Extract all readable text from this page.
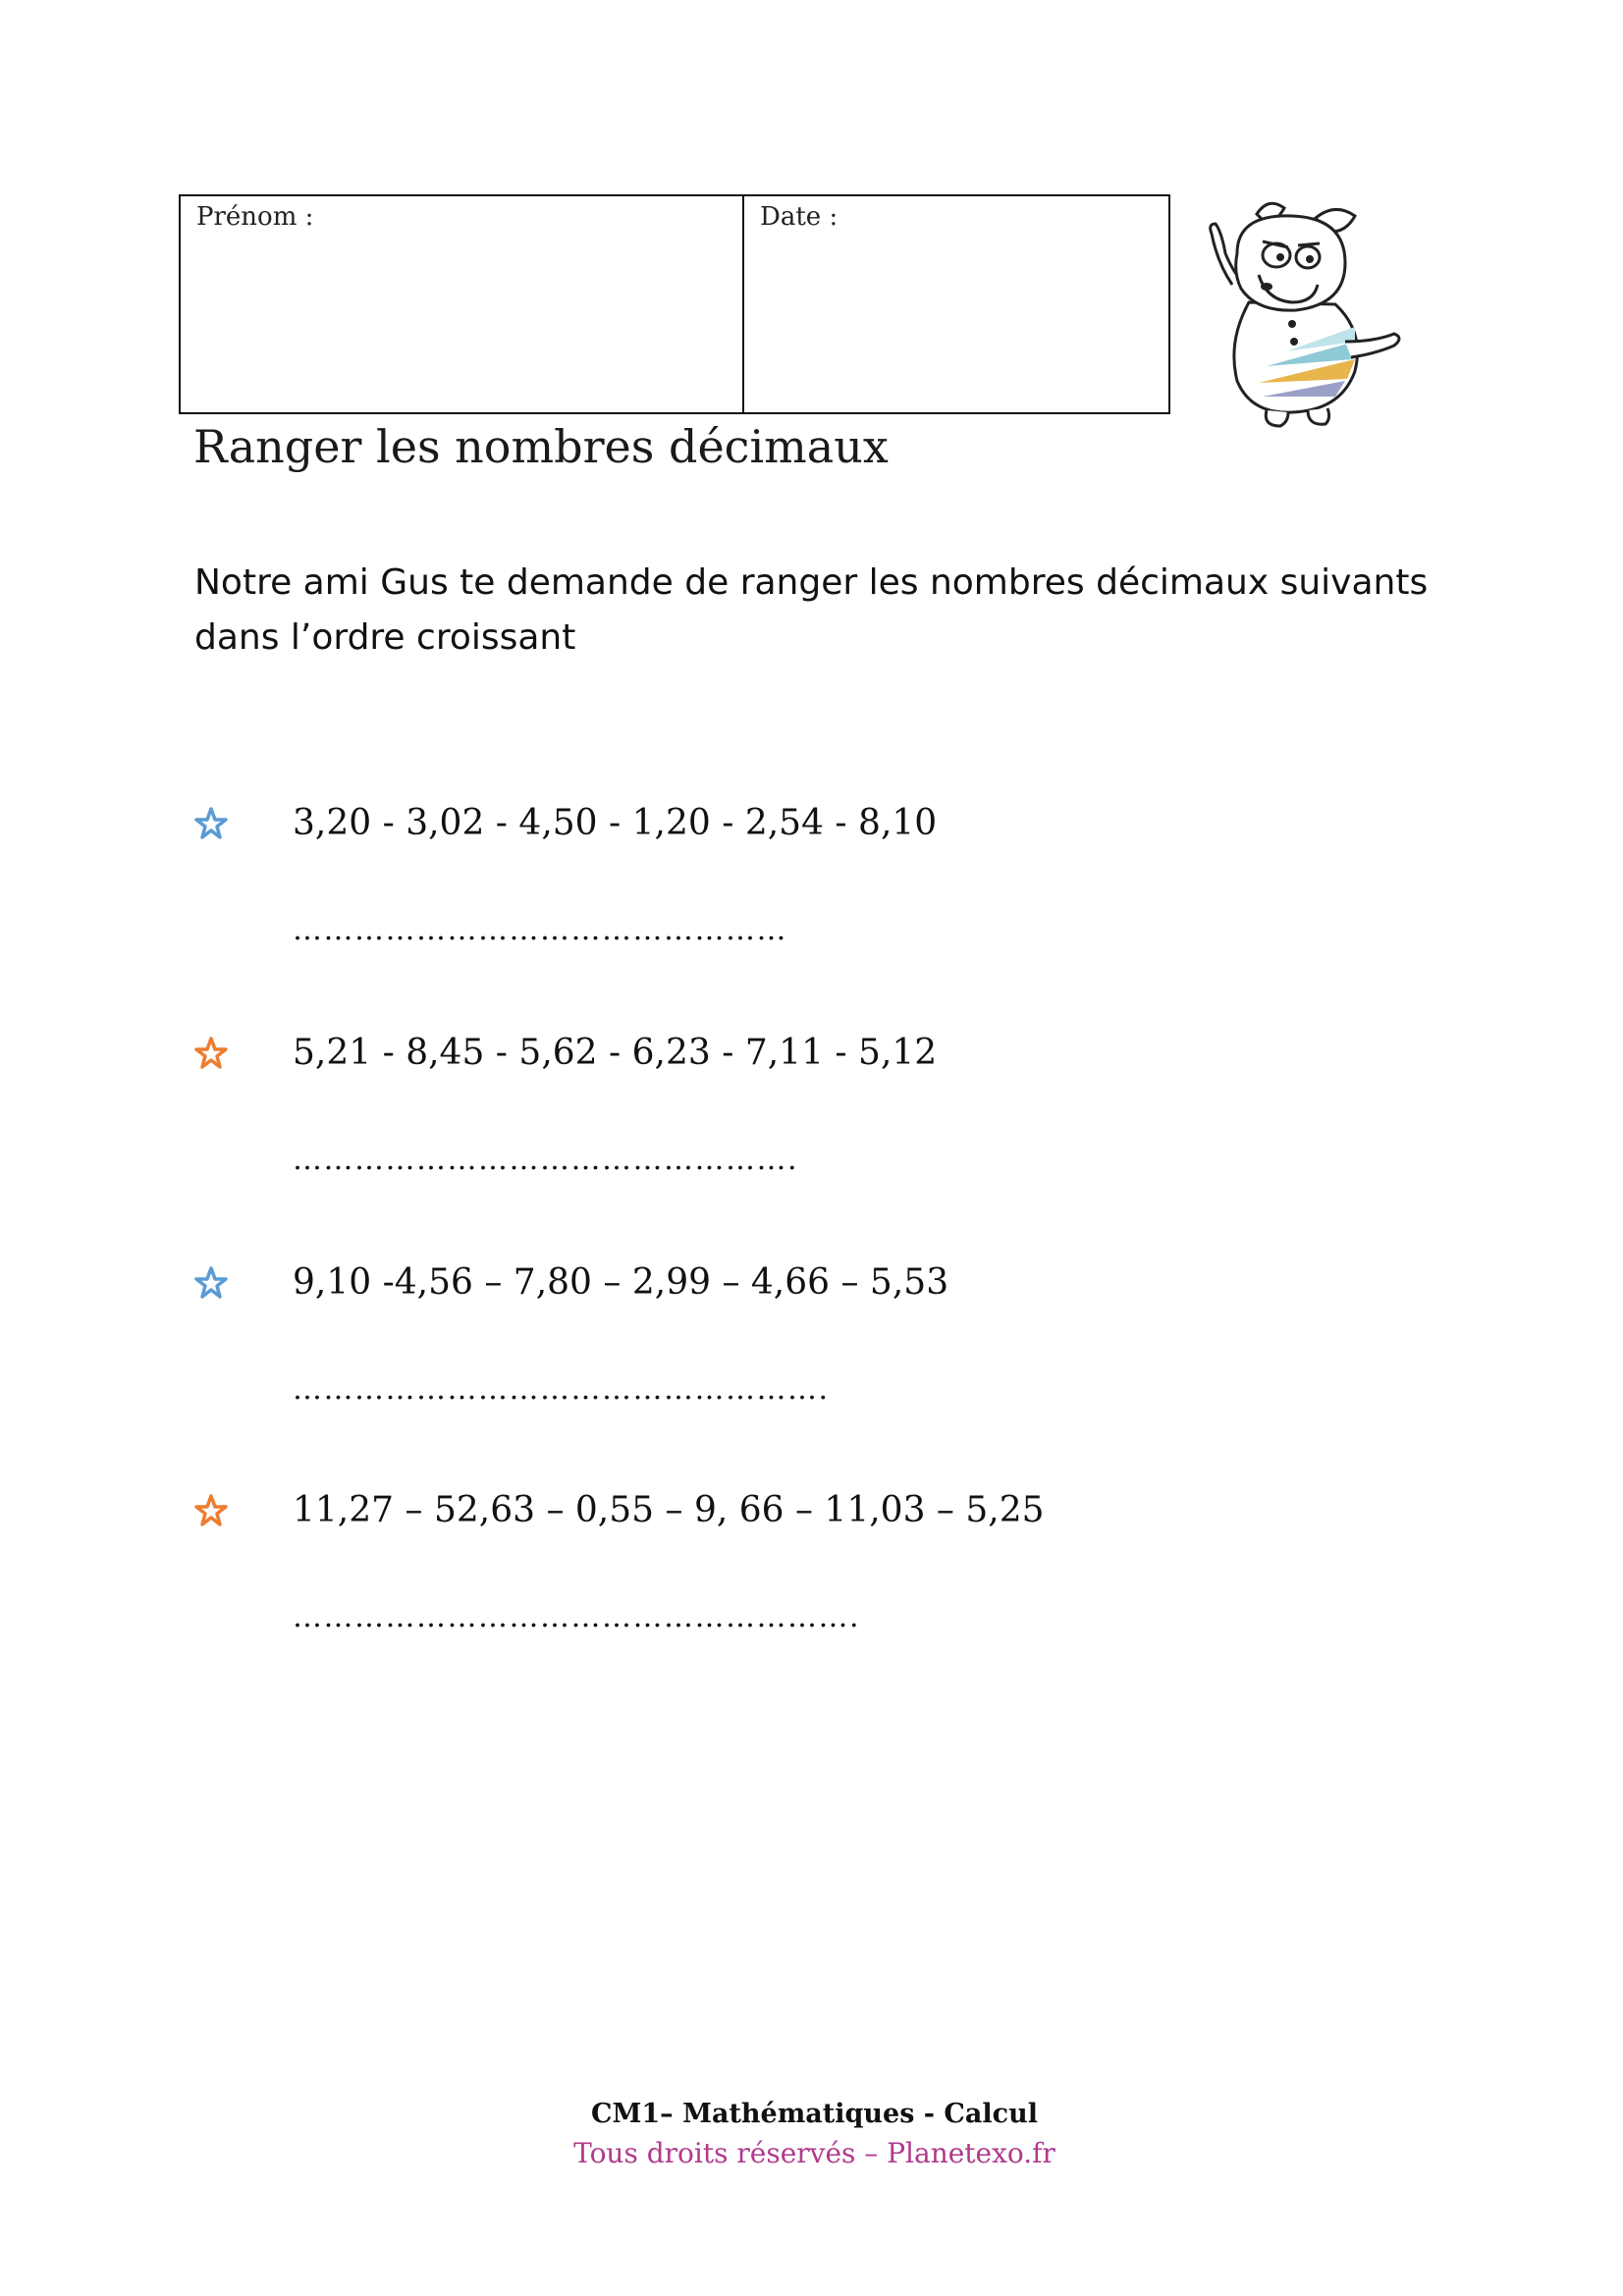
Prénom :	Date :
Ranger les nombres décimaux

Notre ami Gus te demande de ranger les nombres décimaux suivants dans l’ordre croissant

3,20 - 3,02 - 4,50 - 1,20 - 2,54 - 8,10
…………………………………………
5,21 - 8,45 - 5,62 - 6,23 - 7,11 - 5,12
………………………………………….
9,10 -4,56 – 7,80 – 2,99 – 4,66 – 5,53
…………………………………………….
11,27 – 52,63 – 0,55 – 9, 66 – 11,03 – 5,25
……………………………………………….

CM1– Mathématiques - Calcul

Tous droits réservés – Planetexo.fr
